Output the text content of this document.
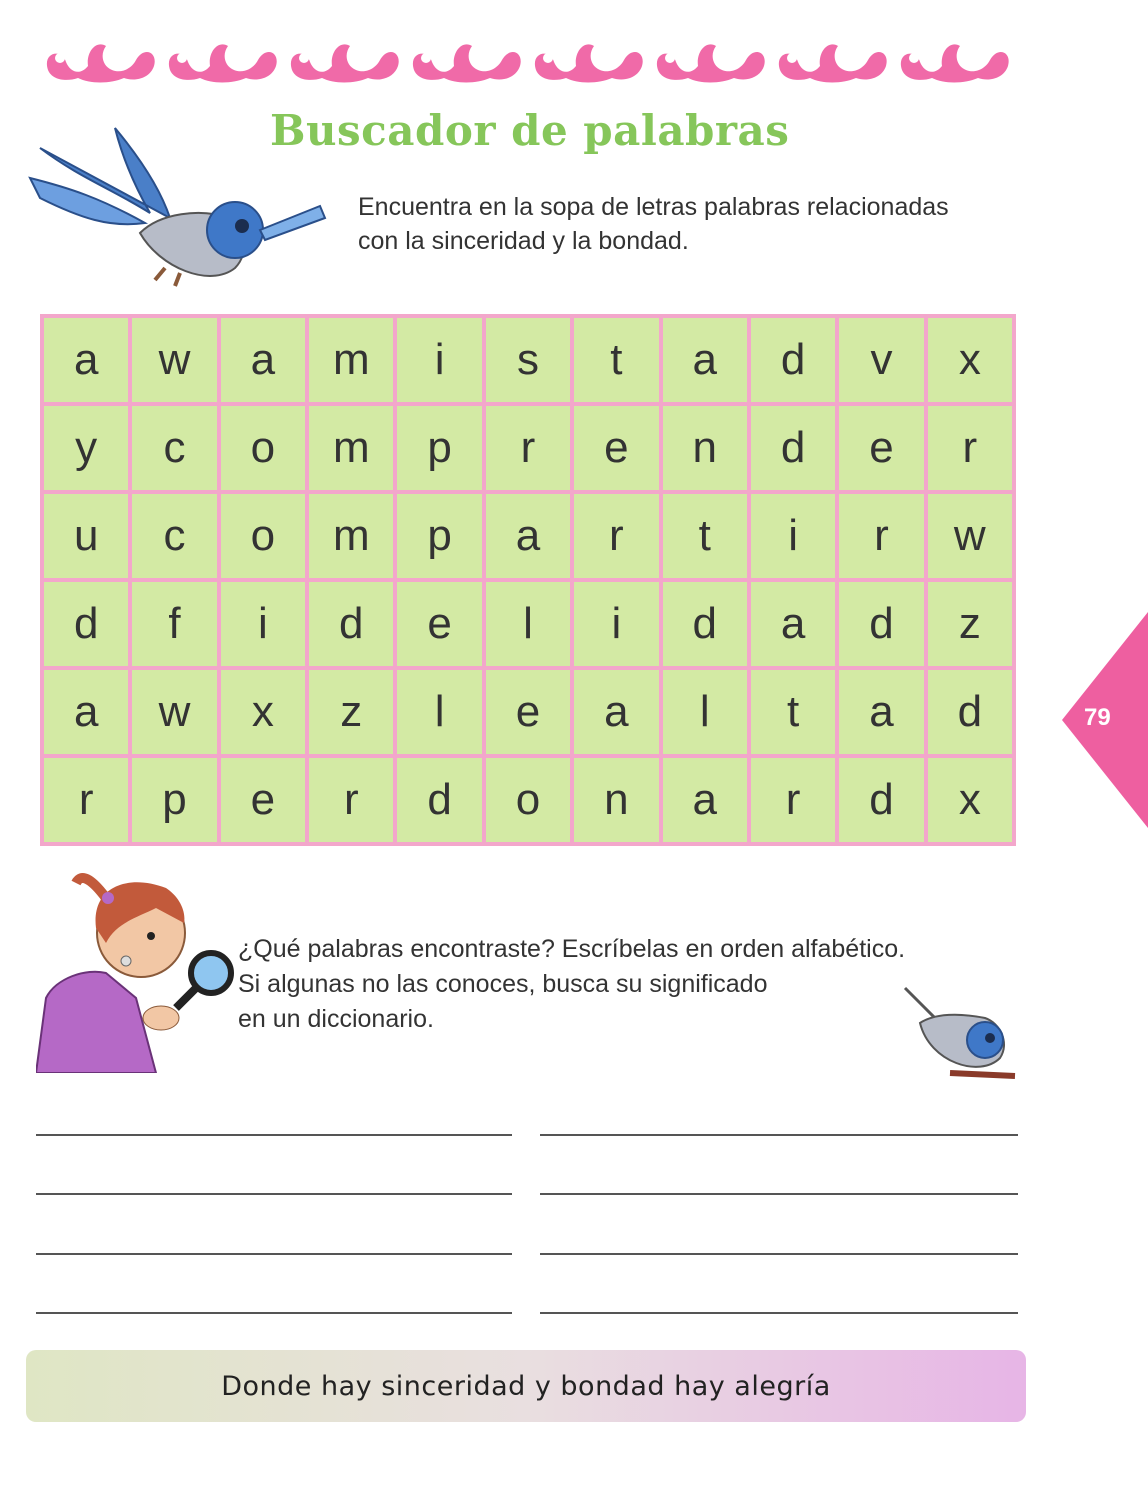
Buscador de palabras
Encuentra en la sopa de letras palabras relacionadas
con la sinceridad y la bondad.
a	w	a	m	i	s	t	a	d	v	x
y	c	o	m	p	r	e	n	d	e	r
u	c	o	m	p	a	r	t	i	r	w
d	f	i	d	e	l	i	d	a	d	z
a	w	x	z	l	e	a	l	t	a	d
r	p	e	r	d	o	n	a	r	d	x
79
¿Qué palabras encontraste? Escríbelas en orden alfabético.
Si algunas no las conoces, busca su significado
en un diccionario.
Donde hay sinceridad y bondad hay alegría
